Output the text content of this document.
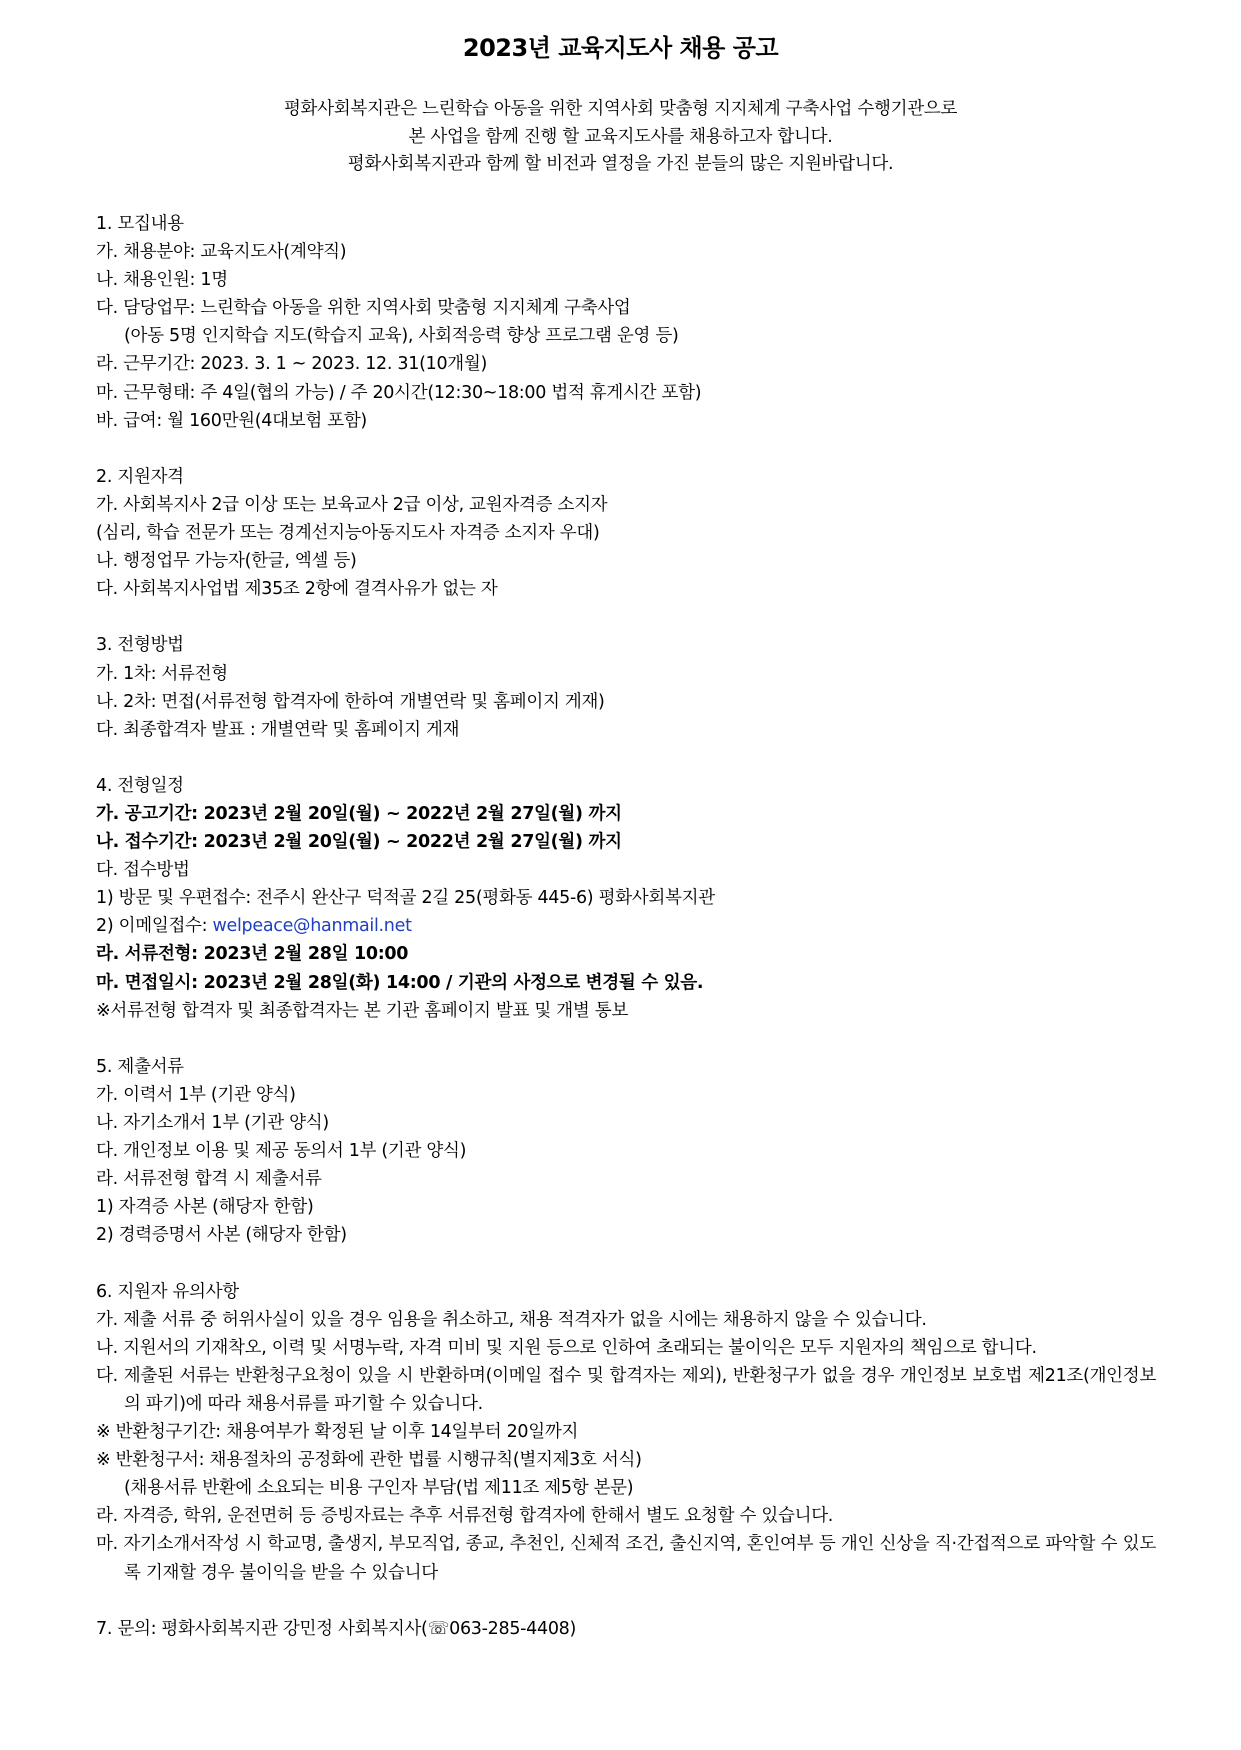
2023년 교육지도사 채용 공고
평화사회복지관은 느린학습 아동을 위한 지역사회 맞춤형 지지체계 구축사업 수행기관으로
본 사업을 함께 진행 할 교육지도사를 채용하고자 합니다.
평화사회복지관과 함께 할 비전과 열정을 가진 분들의 많은 지원바랍니다.
1. 모집내용
가. 채용분야: 교육지도사(계약직)
나. 채용인원: 1명
다. 담당업무: 느린학습 아동을 위한 지역사회 맞춤형 지지체계 구축사업
(아동 5명 인지학습 지도(학습지 교육), 사회적응력 향상 프로그램 운영 등)
라. 근무기간: 2023. 3. 1 ~ 2023. 12. 31(10개월)
마. 근무형태: 주 4일(협의 가능) / 주 20시간(12:30~18:00 법적 휴게시간 포함)
바. 급여: 월 160만원(4대보험 포함)
2. 지원자격
가. 사회복지사 2급 이상 또는 보육교사 2급 이상, 교원자격증 소지자
(심리, 학습 전문가 또는 경계선지능아동지도사 자격증 소지자 우대)
나. 행정업무 가능자(한글, 엑셀 등)
다. 사회복지사업법 제35조 2항에 결격사유가 없는 자
3. 전형방법
가. 1차: 서류전형
나. 2차: 면접(서류전형 합격자에 한하여 개별연락 및 홈페이지 게재)
다. 최종합격자 발표 : 개별연락 및 홈페이지 게재
4. 전형일정
가. 공고기간: 2023년 2월 20일(월) ~ 2022년 2월 27일(월) 까지
나. 접수기간: 2023년 2월 20일(월) ~ 2022년 2월 27일(월) 까지
다. 접수방법
1) 방문 및 우편접수: 전주시 완산구 덕적골 2길 25(평화동 445-6) 평화사회복지관
2) 이메일접수: welpeace@hanmail.net
라. 서류전형: 2023년 2월 28일 10:00
마. 면접일시: 2023년 2월 28일(화) 14:00 / 기관의 사정으로 변경될 수 있음.
※서류전형 합격자 및 최종합격자는 본 기관 홈페이지 발표 및 개별 통보
5. 제출서류
가. 이력서 1부 (기관 양식)
나. 자기소개서 1부 (기관 양식)
다. 개인정보 이용 및 제공 동의서 1부 (기관 양식)
라. 서류전형 합격 시 제출서류
1) 자격증 사본 (해당자 한함)
2) 경력증명서 사본 (해당자 한함)
6. 지원자 유의사항
가. 제출 서류 중 허위사실이 있을 경우 임용을 취소하고, 채용 적격자가 없을 시에는 채용하지 않을 수 있습니다.
나. 지원서의 기재착오, 이력 및 서명누락, 자격 미비 및 지원 등으로 인하여 초래되는 불이익은 모두 지원자의 책임으로 합니다.
다. 제출된 서류는 반환청구요청이 있을 시 반환하며(이메일 접수 및 합격자는 제외), 반환청구가 없을 경우 개인정보 보호법 제21조(개인정보의 파기)에 따라 채용서류를 파기할 수 있습니다.
※ 반환청구기간: 채용여부가 확정된 날 이후 14일부터 20일까지
※ 반환청구서: 채용절차의 공정화에 관한 법률 시행규칙(별지제3호 서식)
(채용서류 반환에 소요되는 비용 구인자 부담(법 제11조 제5항 본문)
라. 자격증, 학위, 운전면허 등 증빙자료는 추후 서류전형 합격자에 한해서 별도 요청할 수 있습니다.
마. 자기소개서작성 시 학교명, 출생지, 부모직업, 종교, 추천인, 신체적 조건, 출신지역, 혼인여부 등 개인 신상을 직·간접적으로 파악할 수 있도록 기재할 경우 불이익을 받을 수 있습니다
7. 문의: 평화사회복지관 강민정 사회복지사(☏063-285-4408)
